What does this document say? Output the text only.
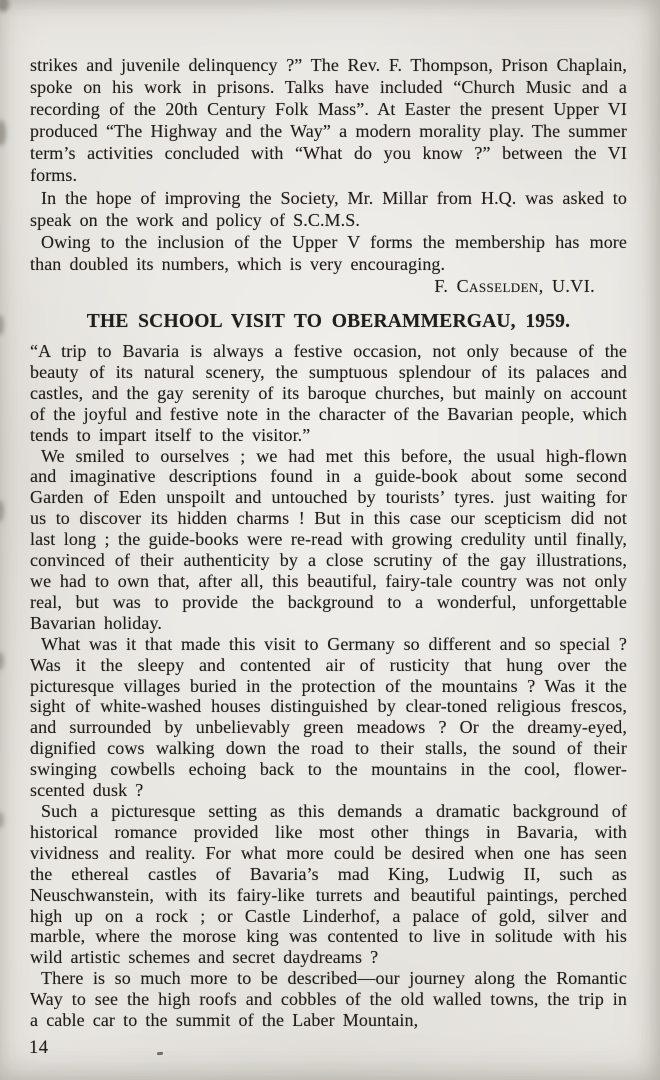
strikes and juvenile delinquency ?” The Rev. F. Thompson, Prison Chaplain, spoke on his work in prisons. Talks have included “Church Music and a recording of the 20th Century Folk Mass”. At Easter the present Upper VI produced “The Highway and the Way” a modern morality play. The summer term’s activities concluded with “What do you know ?” between the VI forms.

In the hope of improving the Society, Mr. Millar from H.Q. was asked to speak on the work and policy of S.C.M.S.

Owing to the inclusion of the Upper V forms the membership has more than doubled its numbers, which is very encouraging.

F. Casselden, U.VI.

THE SCHOOL VISIT TO OBERAMMERGAU, 1959.

“A trip to Bavaria is always a festive occasion, not only because of the beauty of its natural scenery, the sumptuous splendour of its palaces and castles, and the gay serenity of its baroque churches, but mainly on account of the joyful and festive note in the character of the Bavarian people, which tends to impart itself to the visitor.”

We smiled to ourselves ; we had met this before, the usual high-flown and imaginative descriptions found in a guide-book about some second Garden of Eden unspoilt and untouched by tourists’ tyres. just waiting for us to discover its hidden charms ! But in this case our scepticism did not last long ; the guide-books were re-read with growing credulity until finally, convinced of their authenticity by a close scrutiny of the gay illustrations, we had to own that, after all, this beautiful, fairy-tale country was not only real, but was to provide the background to a wonderful, unforgettable Bavarian holiday.

What was it that made this visit to Germany so different and so special ? Was it the sleepy and contented air of rusticity that hung over the picturesque villages buried in the protection of the mountains ? Was it the sight of white-washed houses distinguished by clear-toned religious frescos, and surrounded by unbelievably green meadows ? Or the dreamy-eyed, dignified cows walking down the road to their stalls, the sound of their swinging cowbells echoing back to the mountains in the cool, flower-scented dusk ?

Such a picturesque setting as this demands a dramatic background of historical romance provided like most other things in Bavaria, with vividness and reality. For what more could be desired when one has seen the ethereal castles of Bavaria’s mad King, Ludwig II, such as Neuschwanstein, with its fairy-like turrets and beautiful paintings, perched high up on a rock ; or Castle Linderhof, a palace of gold, silver and marble, where the morose king was contented to live in solitude with his wild artistic schemes and secret daydreams ?

There is so much more to be described—our journey along the Romantic Way to see the high roofs and cobbles of the old walled towns, the trip in a cable car to the summit of the Laber Mountain,

14
